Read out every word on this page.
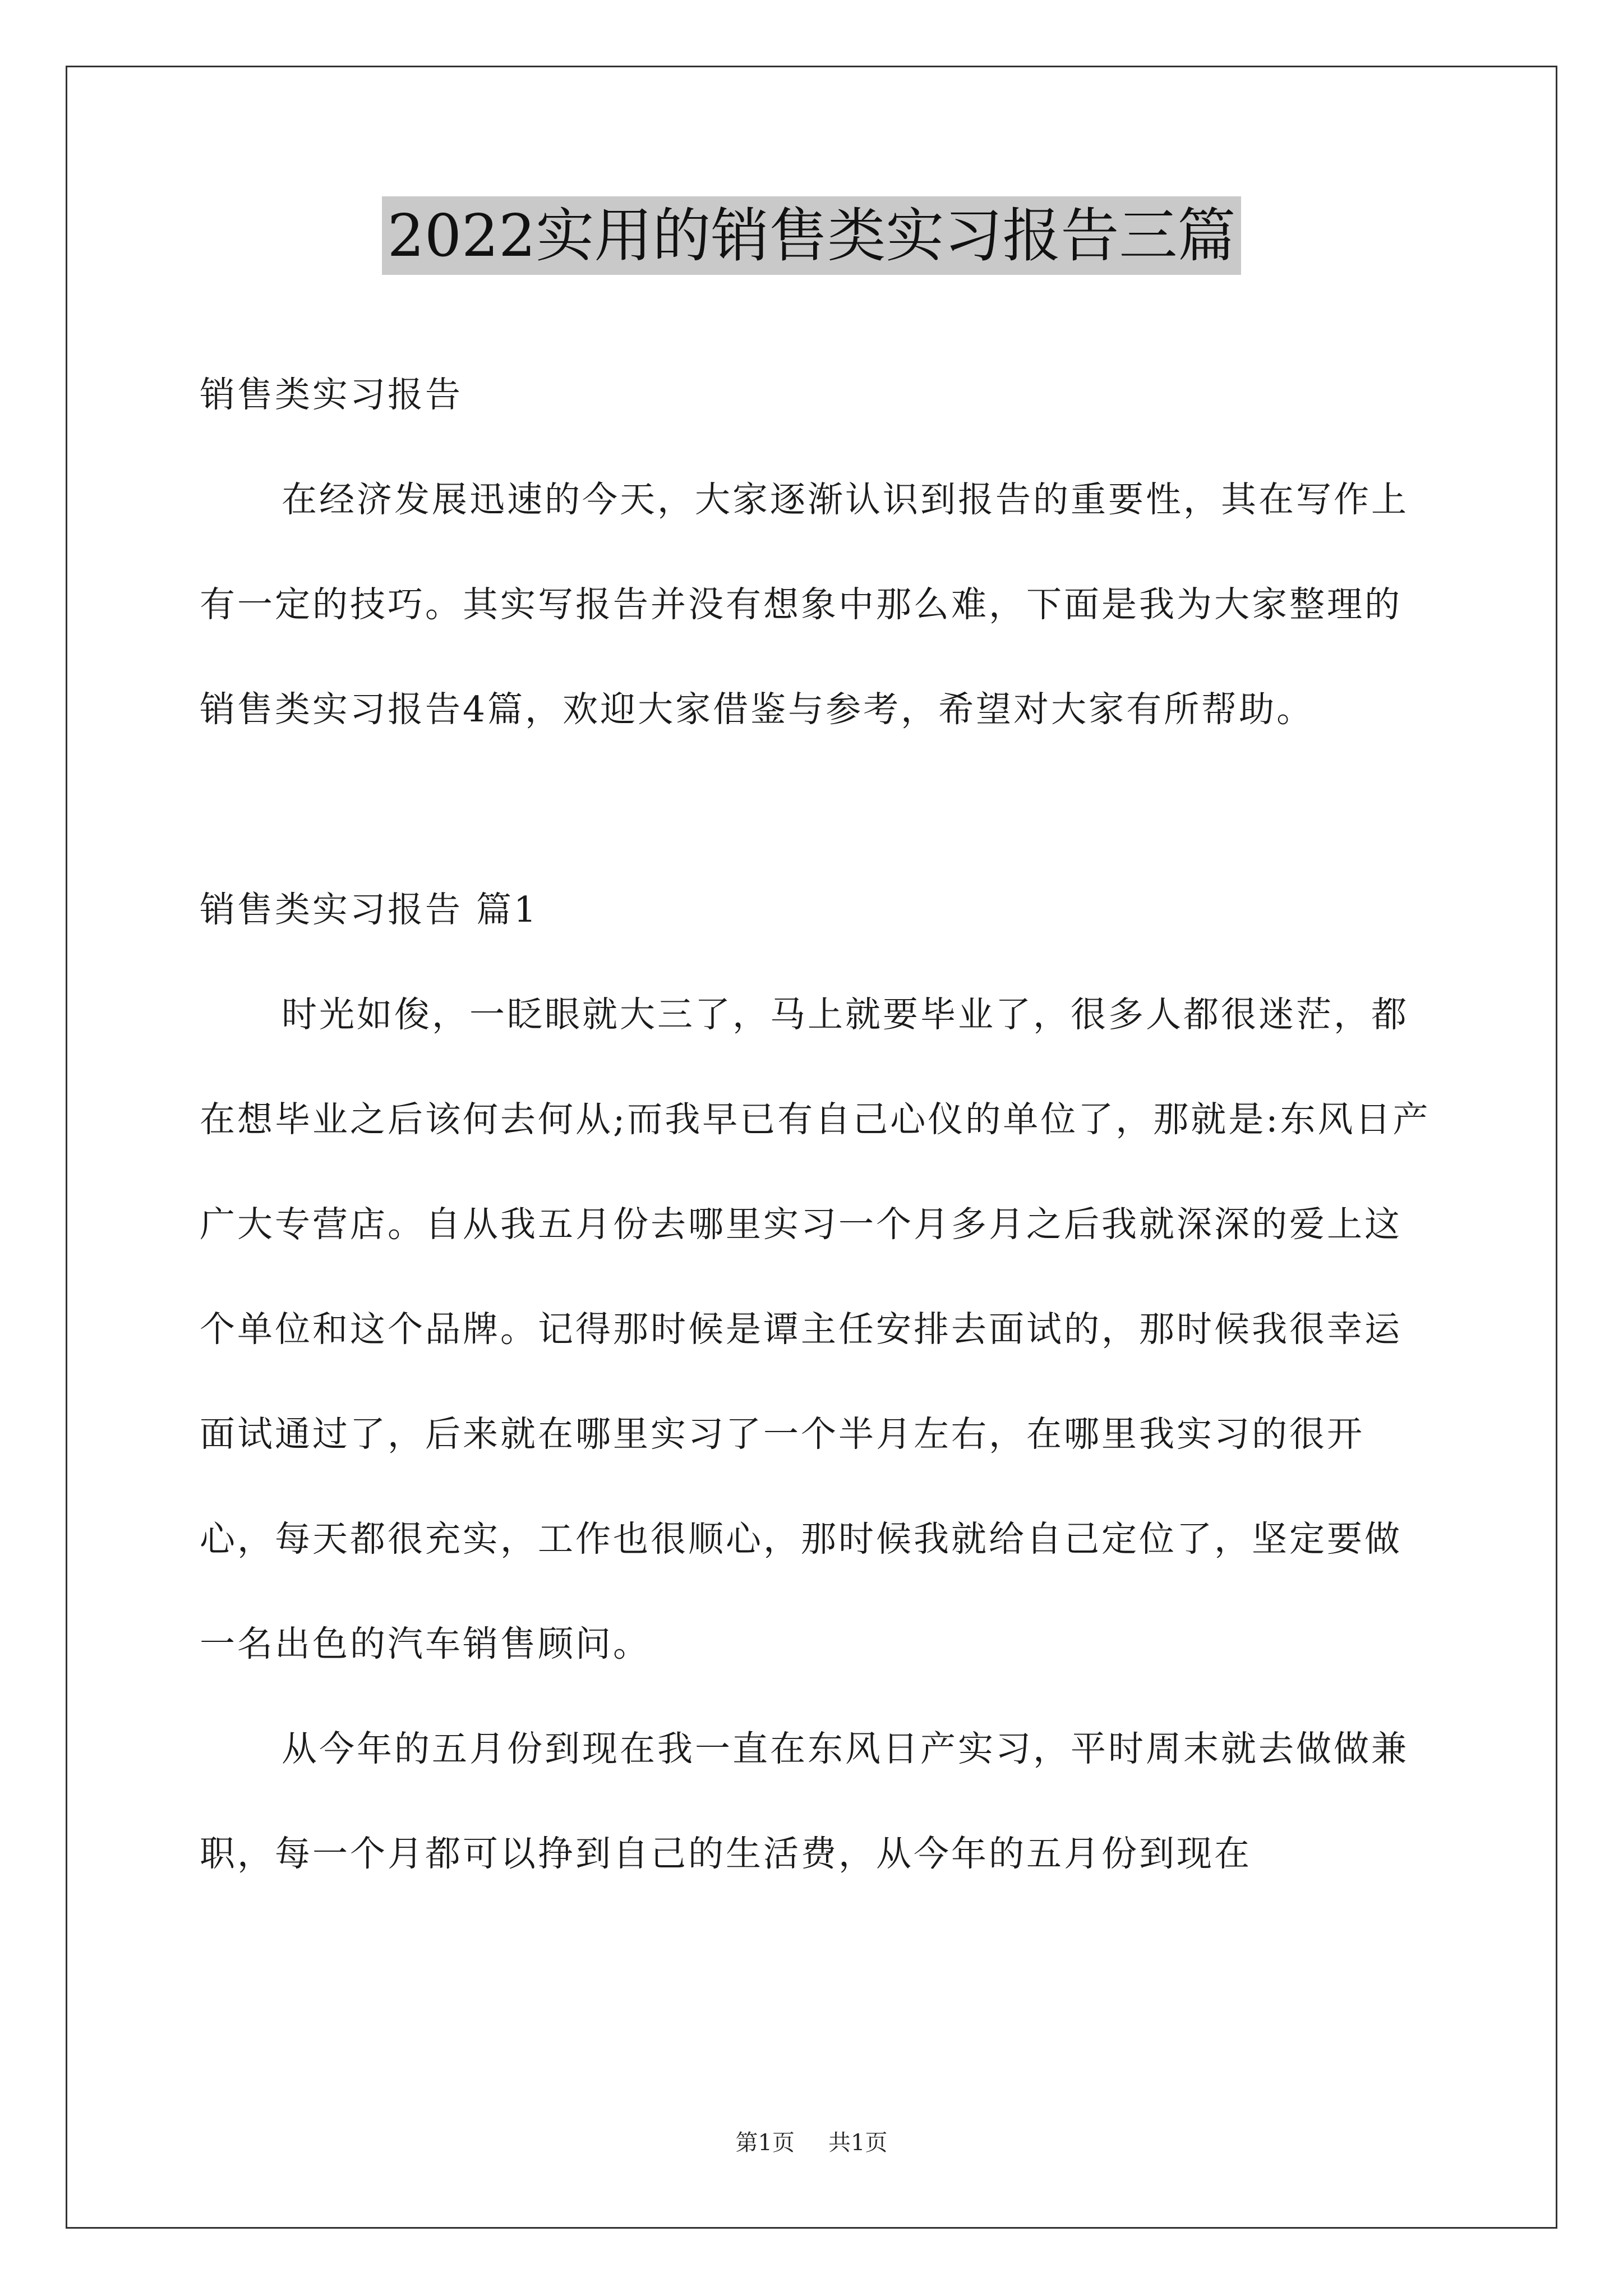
2022实用的销售类实习报告三篇

销售类实习报告

在经济发展迅速的今天，大家逐渐认识到报告的重要性，其在写作上有一定的技巧。其实写报告并没有想象中那么难，下面是我为大家整理的销售类实习报告4篇，欢迎大家借鉴与参考，希望对大家有所帮助。

销售类实习报告 篇1

时光如俊，一眨眼就大三了，马上就要毕业了，很多人都很迷茫，都在想毕业之后该何去何从;而我早已有自己心仪的单位了，那就是:东风日产广大专营店。自从我五月份去哪里实习一个月多月之后我就深深的爱上这个单位和这个品牌。记得那时候是谭主任安排去面试的，那时候我很幸运面试通过了，后来就在哪里实习了一个半月左右，在哪里我实习的很开心，每天都很充实，工作也很顺心，那时候我就给自己定位了，坚定要做一名出色的汽车销售顾问。

从今年的五月份到现在我一直在东风日产实习，平时周末就去做做兼职，每一个月都可以挣到自己的生活费，从今年的五月份到现在

第1页 共1页
